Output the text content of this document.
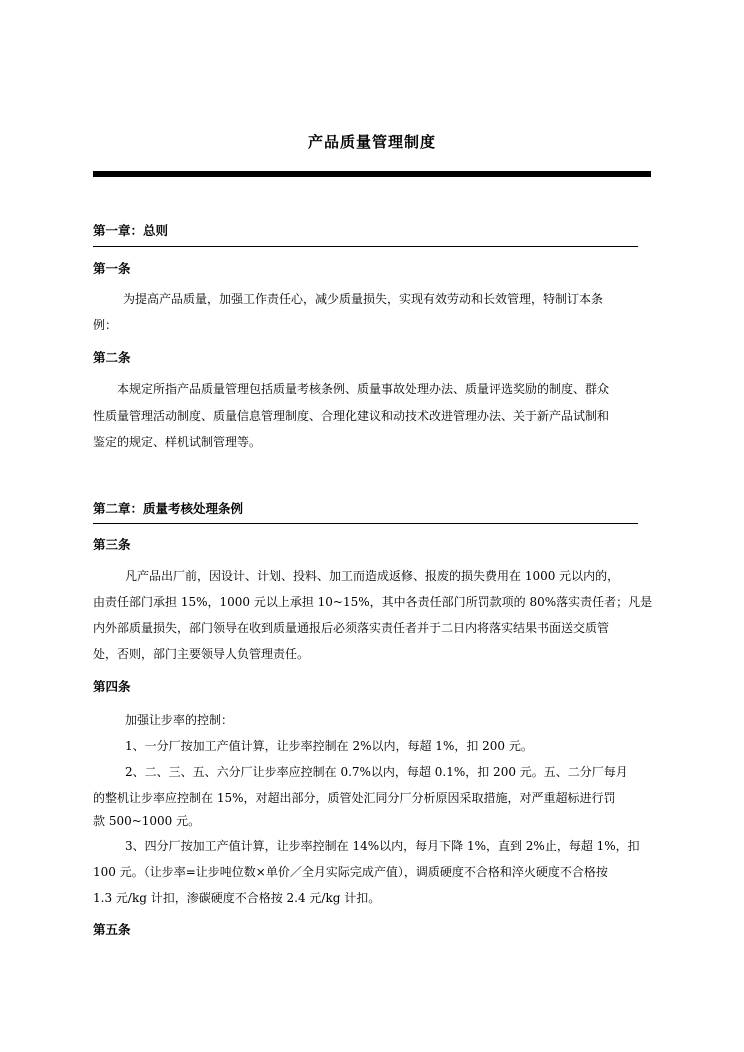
产品质量管理制度
第一章：总则
第一条
为提高产品质量，加强工作责任心，减少质量损失，实现有效劳动和长效管理，特制订本条
例：
第二条
本规定所指产品质量管理包括质量考核条例、质量事故处理办法、质量评选奖励的制度、群众
性质量管理活动制度、质量信息管理制度、合理化建议和动技术改进管理办法、关于新产品试制和
鉴定的规定、样机试制管理等。
第二章：质量考核处理条例
第三条
凡产品出厂前，因设计、计划、投料、加工而造成返修、报废的损失费用在 1000 元以内的，
由责任部门承担 15%，1000 元以上承担 10~15%，其中各责任部门所罚款项的 80%落实责任者；凡是
内外部质量损失，部门领导在收到质量通报后必须落实责任者并于二日内将落实结果书面送交质管
处，否则，部门主要领导人负管理责任。
第四条
加强让步率的控制：
1、一分厂按加工产值计算，让步率控制在 2%以内，每超 1%，扣 200 元。
2、二、三、五、六分厂让步率应控制在 0.7%以内，每超 0.1%，扣 200 元。五、二分厂每月
的整机让步率应控制在 15%，对超出部分，质管处汇同分厂分析原因采取措施，对严重超标进行罚
款 500~1000 元。
3、四分厂按加工产值计算，让步率控制在 14%以内，每月下降 1%，直到 2%止，每超 1%，扣
100 元。（让步率=让步吨位数×单价／全月实际完成产值），调质硬度不合格和淬火硬度不合格按
1.3 元/kg 计扣，渗碳硬度不合格按 2.4 元/kg 计扣。
第五条
